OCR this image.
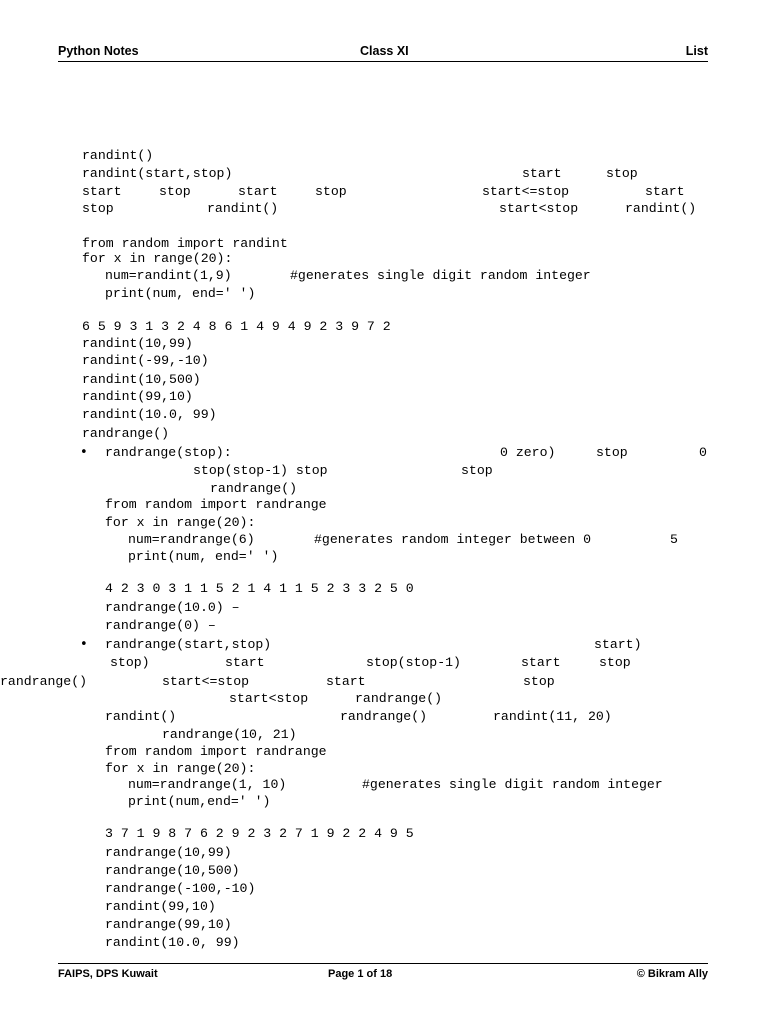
Python Notes	Class XI	List
randint()
randint(start,stop)	start	stop
start	stop	start	stop	start<=stop	start
stop	randint()	start<stop	randint()
from random import randint
for x in range(20):
num=randint(1,9)	#generates single digit random integer
print(num, end=' ')
6 5 9 3 1 3 2 4 8 6 1 4 9 4 9 2 3 9 7 2
randint(10,99)
randint(-99,-10)
randint(10,500)
randint(99,10)
randint(10.0, 99)
randrange()
• randrange(stop):	0 zero)	stop	0
stop(stop-1) stop	stop
randrange()
from random import randrange
for x in range(20):
num=randrange(6)	#generates random integer between 0	5
print(num, end=' ')
4 2 3 0 3 1 1 5 2 1 4 1 1 5 2 3 3 2 5 0
randrange(10.0) –
randrange(0) –
• randrange(start,stop)	start)
stop)	start	stop(stop-1)	start	stop
start<=stop	start	stop
randrange()
start<stop	randrange()
randint()	randrange()	randint(11, 20)
randrange(10, 21)
from random import randrange
for x in range(20):
num=randrange(1, 10)	#generates single digit random integer
print(num,end=' ')
3 7 1 9 8 7 6 2 9 2 3 2 7 1 9 2 2 4 9 5
randrange(10,99)
randrange(10,500)
randrange(-100,-10)
randint(99,10)
randrange(99,10)
randint(10.0, 99)
FAIPS, DPS Kuwait	Page 1 of 18	© Bikram Ally
